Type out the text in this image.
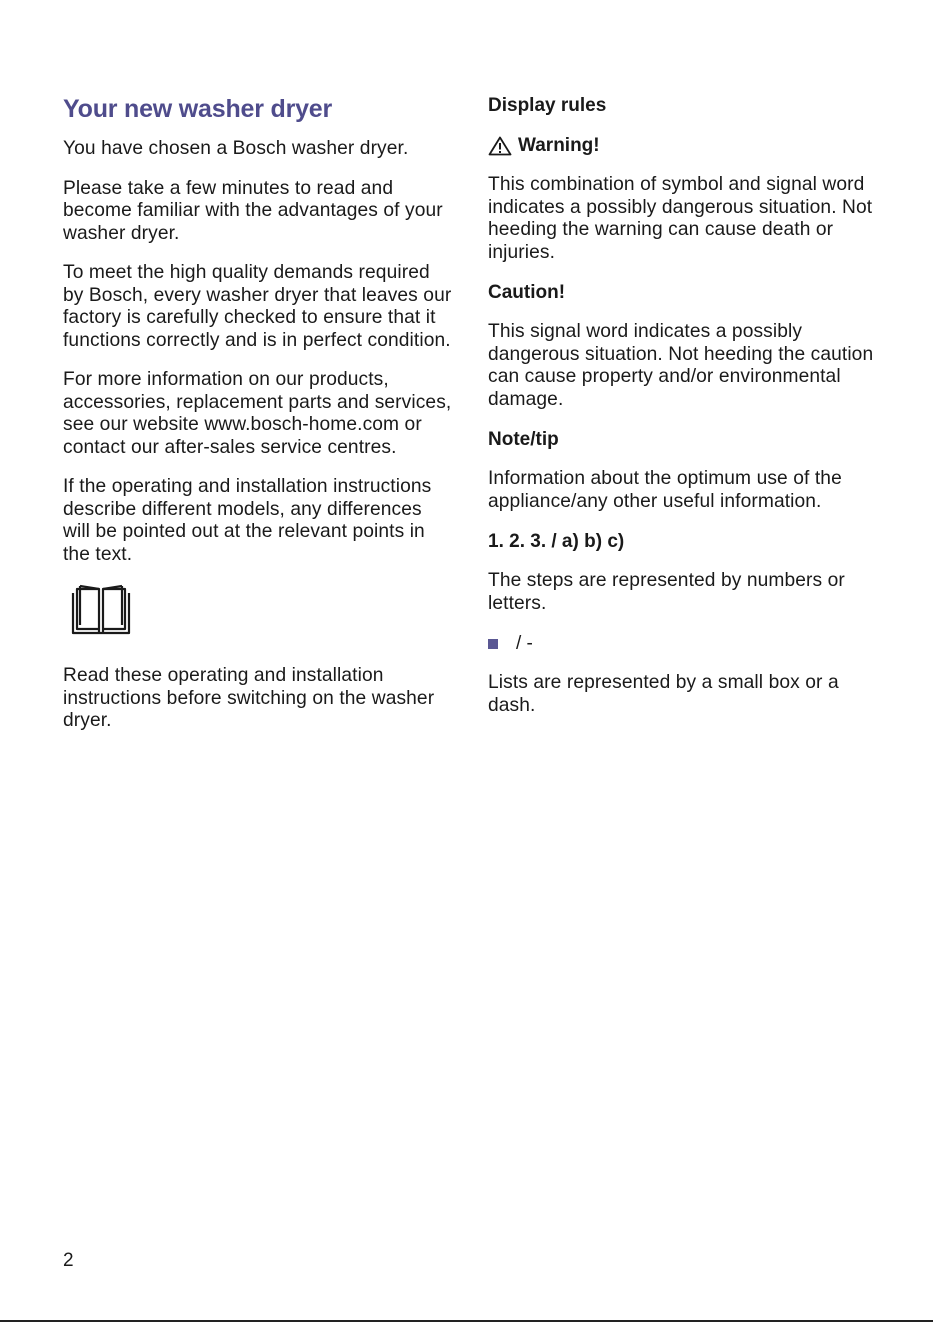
Your new washer dryer

You have chosen a Bosch washer dryer.

Please take a few minutes to read and become familiar with the advantages of your washer dryer.

To meet the high quality demands required by Bosch, every washer dryer that leaves our factory is carefully checked to ensure that it functions correctly and is in perfect condition.

For more information on our products, accessories, replacement parts and services, see our website www.bosch-home.com or contact our after-sales service centres.

If the operating and installation instructions describe different models, any differences will be pointed out at the relevant points in the text.

Read these operating and installation instructions before switching on the washer dryer.

Display rules
Warning!

This combination of symbol and signal word indicates a possibly dangerous situation. Not heeding the warning can cause death or injuries.

Caution!

This signal word indicates a possibly dangerous situation. Not heeding the caution can cause property and/or environmental damage.

Note/tip

Information about the optimum use of the appliance/any other useful information.

1. 2. 3. / a) b) c)

The steps are represented by numbers or letters.

/ -

Lists are represented by a small box or a dash.

2
